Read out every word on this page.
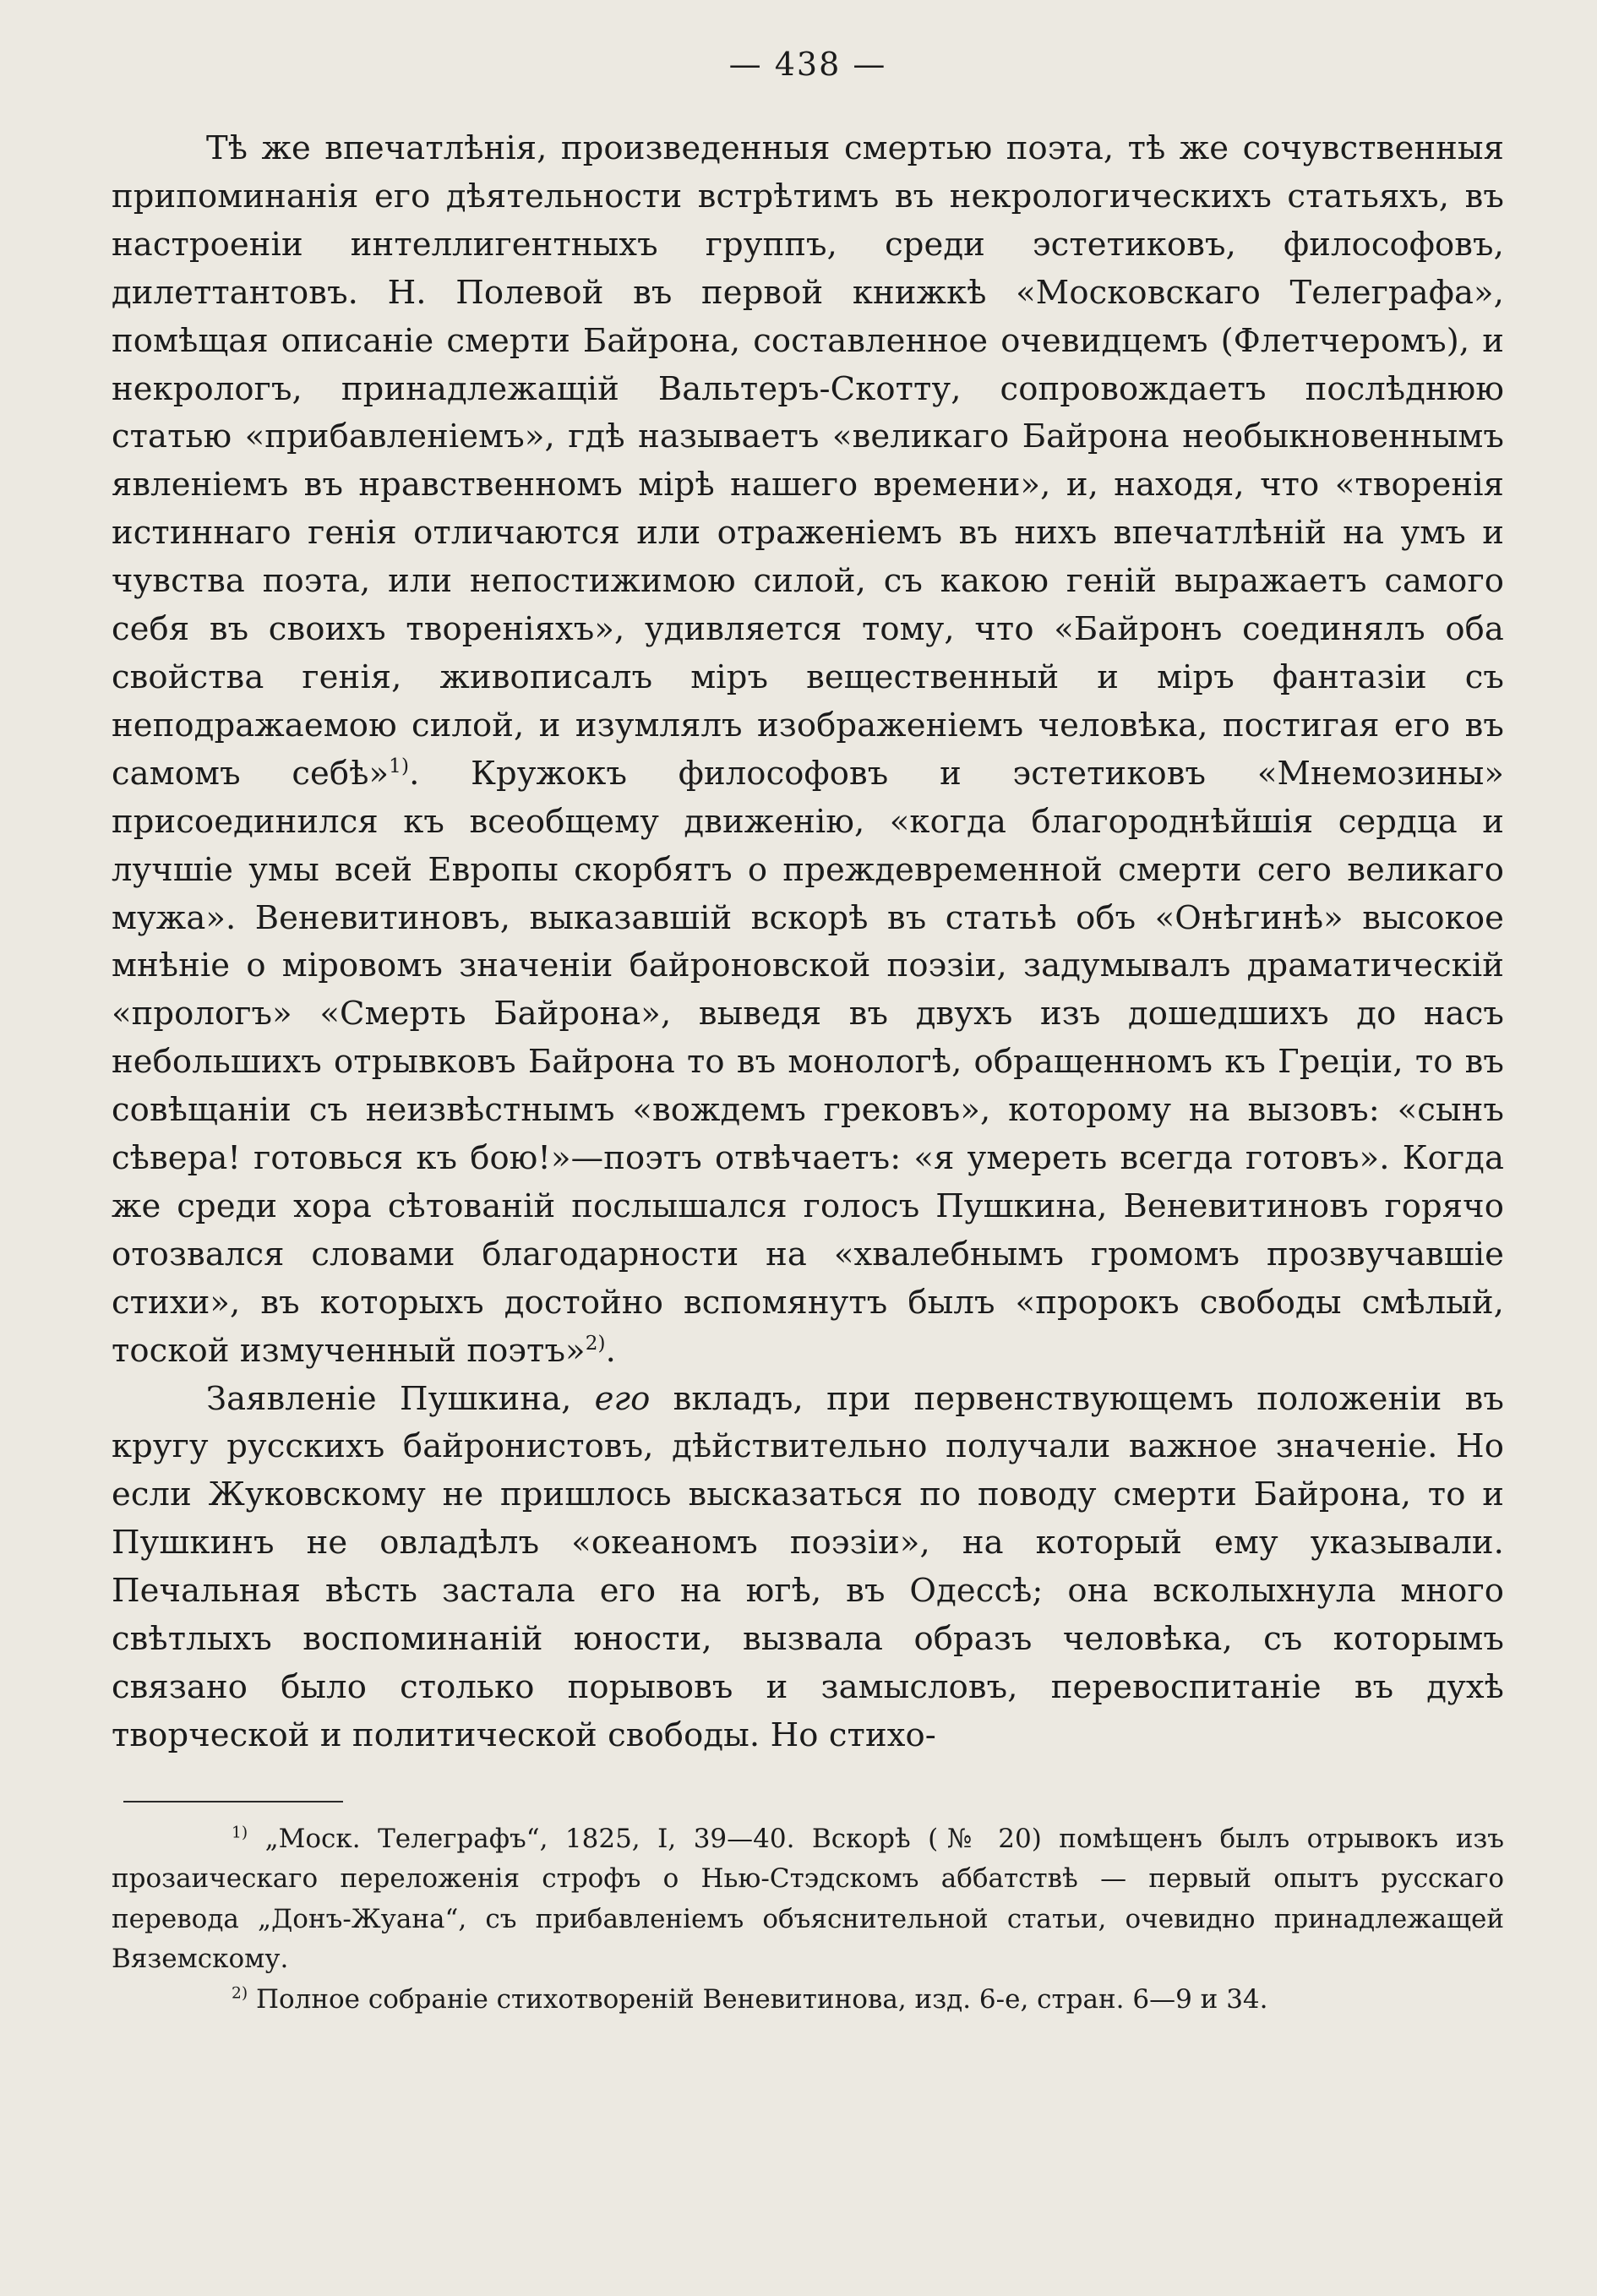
— 438 —

Тѣ же впечатлѣнія, произведенныя смертью поэта, тѣ же сочувственныя припоминанія его дѣятельности встрѣтимъ въ некрологическихъ статьяхъ, въ настроеніи интеллигентныхъ группъ, среди эстетиковъ, философовъ, дилеттантовъ. Н. Полевой въ первой книжкѣ «Московскаго Телеграфа», помѣщая описаніе смерти Байрона, составленное очевидцемъ (Флетчеромъ), и некрологъ, принадлежащій Вальтеръ-Скотту, сопровождаетъ послѣднюю статью «прибавленіемъ», гдѣ называетъ «великаго Байрона необыкновеннымъ явленіемъ въ нравственномъ мірѣ нашего времени», и, находя, что «творенія истиннаго генія отличаются или отраженіемъ въ нихъ впечатлѣній на умъ и чувства поэта, или непостижимою силой, съ какою геній выражаетъ самого себя въ своихъ твореніяхъ», удивляется тому, что «Байронъ соединялъ оба свойства генія, живописалъ міръ вещественный и міръ фантазіи съ неподражаемою силой, и изумлялъ изображеніемъ человѣка, постигая его въ самомъ себѣ»$^{1)}$. Кружокъ философовъ и эстетиковъ «Мнемозины» присоединился къ всеобщему движенію, «когда благороднѣйшія сердца и лучшіе умы всей Европы скорбятъ о преждевременной смерти сего великаго мужа». Веневитиновъ, выказавшій вскорѣ въ статьѣ объ «Онѣгинѣ» высокое мнѣніе о міровомъ значеніи байроновской поэзіи, задумывалъ драматическій «прологъ» «Смерть Байрона», выведя въ двухъ изъ дошедшихъ до насъ небольшихъ отрывковъ Байрона то въ монологѣ, обращенномъ къ Греціи, то въ совѣщаніи съ неизвѣстнымъ «вождемъ грековъ», которому на вызовъ: «сынъ сѣвера! готовься къ бою!»—поэтъ отвѣчаетъ: «я умереть всегда готовъ». Когда же среди хора сѣтованій послышался голосъ Пушкина, Веневитиновъ горячо отозвался словами благодарности на «хвалебнымъ громомъ прозвучавшіе стихи», въ которыхъ достойно вспомянутъ былъ «пророкъ свободы смѣлый, тоской измученный поэтъ»$^{2)}$.

Заявленіе Пушкина, его вкладъ, при первенствующемъ положеніи въ кругу русскихъ байронистовъ, дѣйствительно получали важное значеніе. Но если Жуковскому не пришлось высказаться по поводу смерти Байрона, то и Пушкинъ не овладѣлъ «океаномъ поэзіи», на который ему указывали. Печальная вѣсть застала его на югѣ, въ Одессѣ; она всколыхнула много свѣтлыхъ воспоминаній юности, вызвала образъ человѣка, съ которымъ связано было столько порывовъ и замысловъ, перевоспитаніе въ духѣ творческой и политической свободы. Но стихо-

$^{1)}$ „Моск. Телеграфъ“, 1825, I, 39—40. Вскорѣ (№ 20) помѣщенъ былъ отрывокъ изъ прозаическаго переложенія строфъ о Нью-Стэдскомъ аббатствѣ — первый опытъ русскаго перевода „Донъ-Жуана“, съ прибавленіемъ объяснительной статьи, очевидно принадлежащей Вяземскому.

$^{2)}$ Полное собраніе стихотвореній Веневитинова, изд. 6-е, стран. 6—9 и 34.
